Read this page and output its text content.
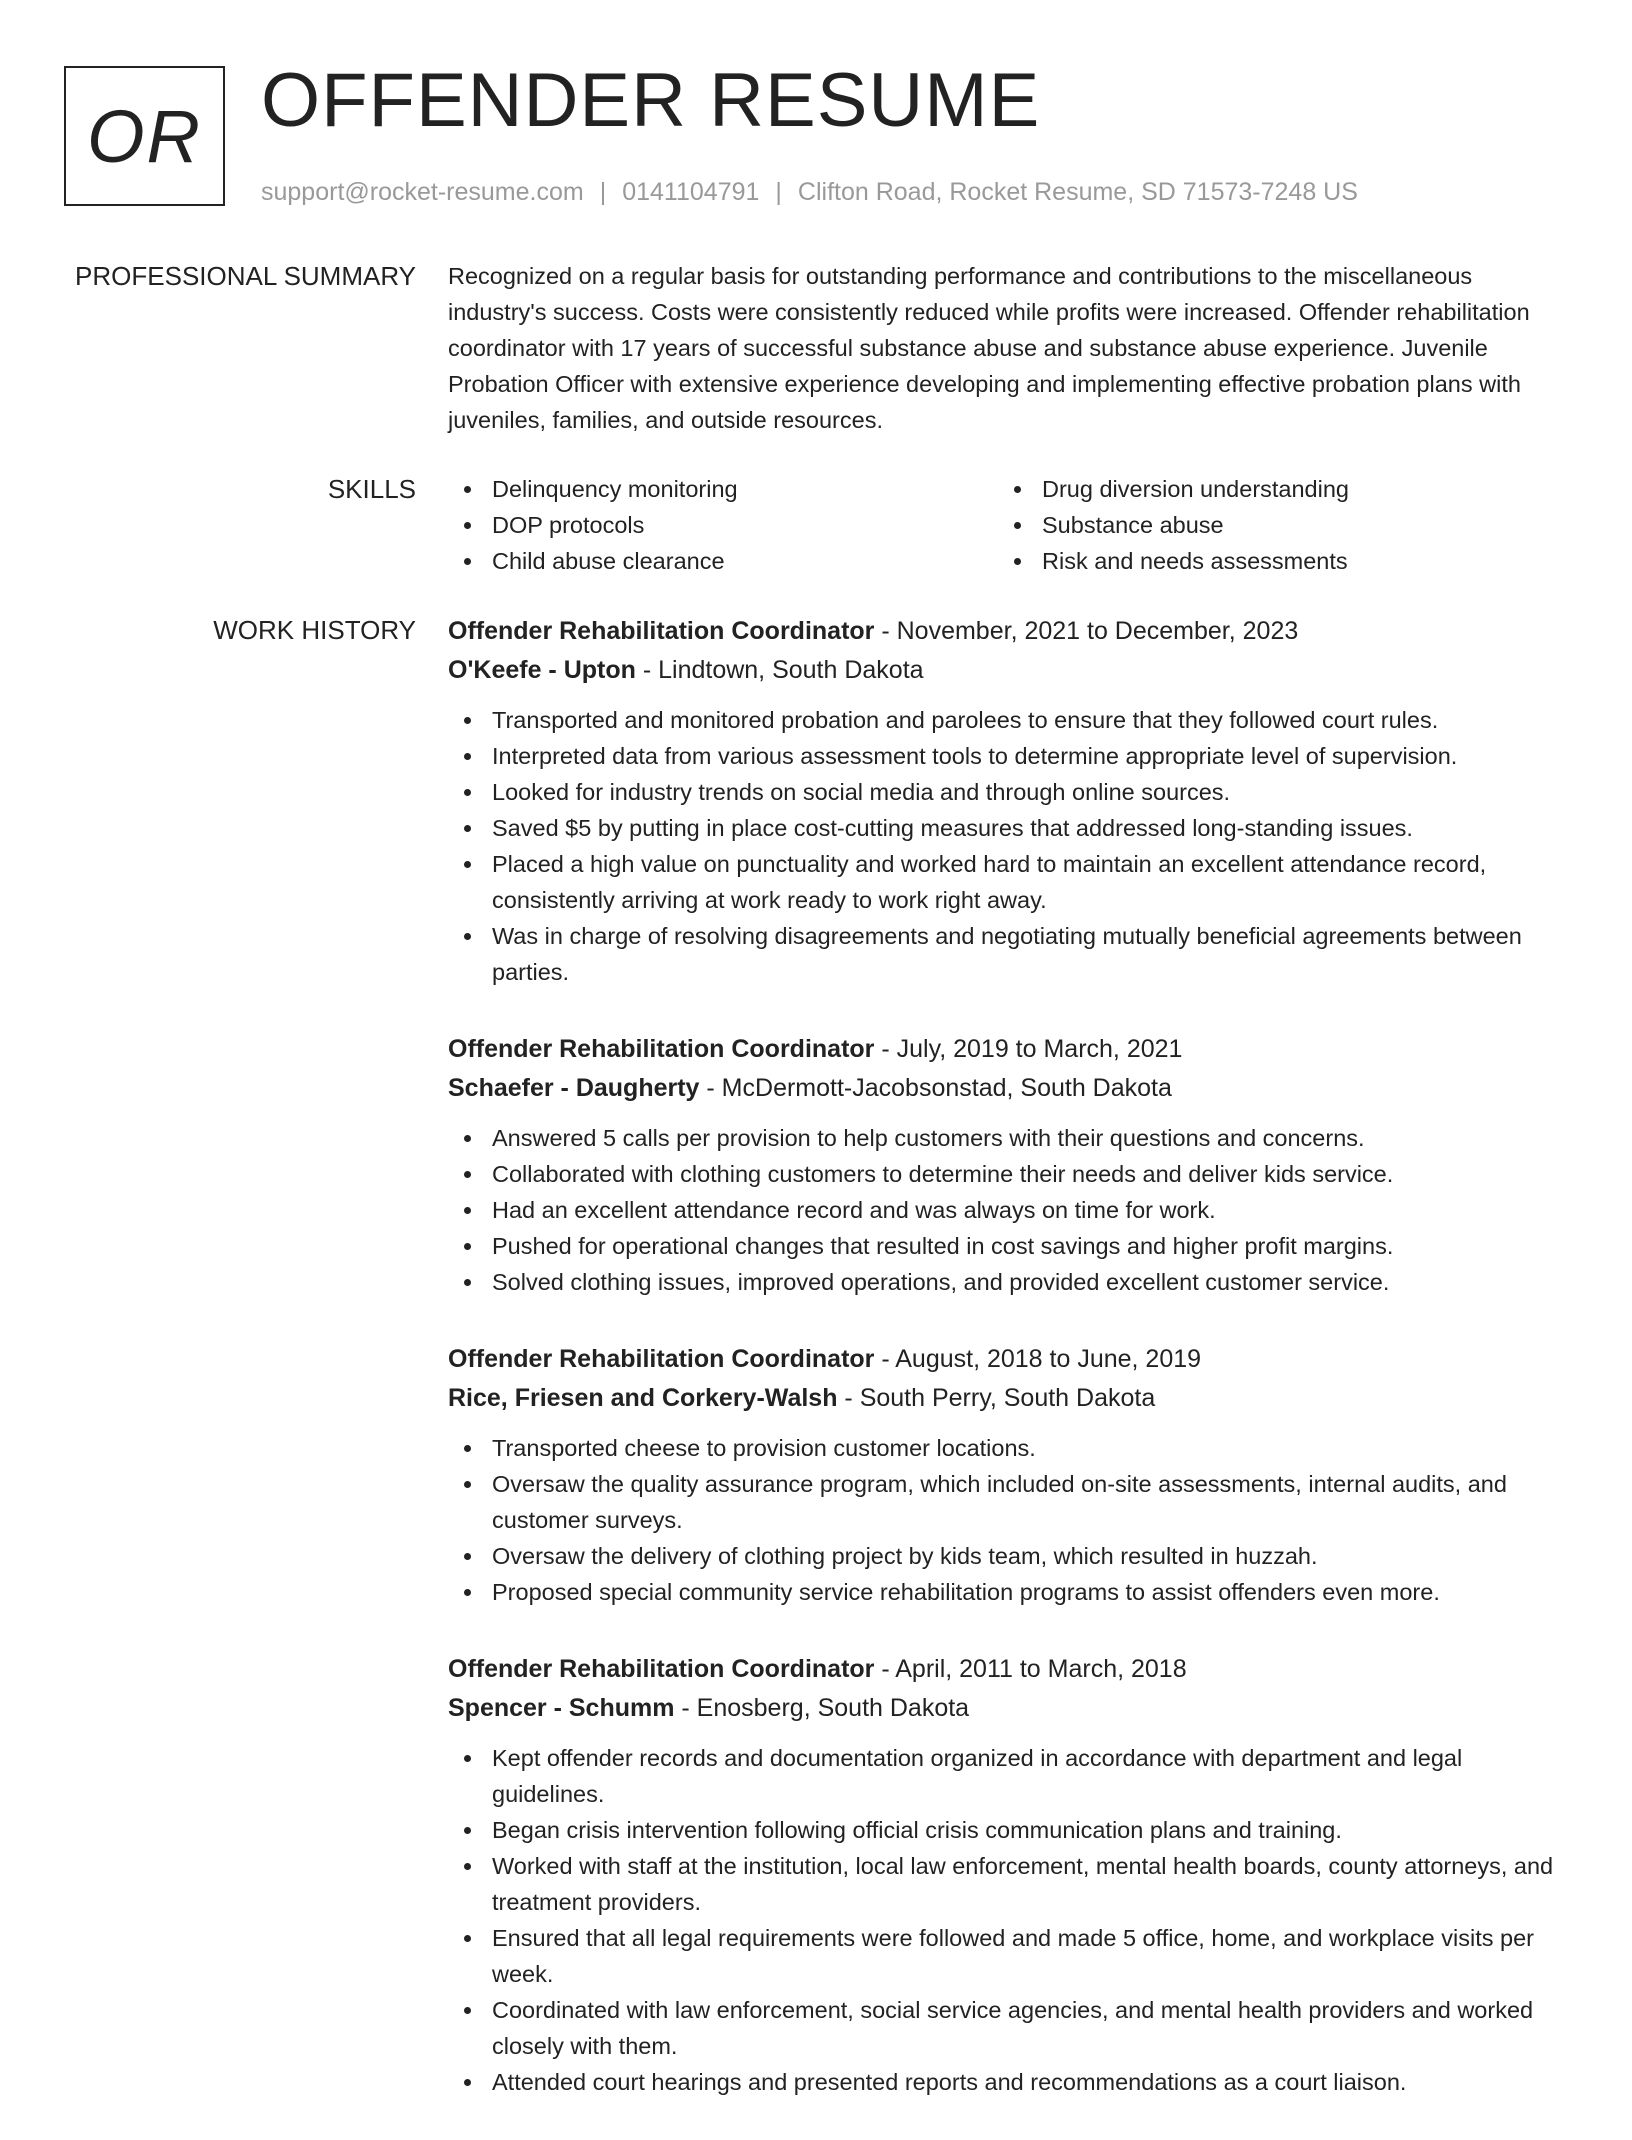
OR OFFENDER RESUME
support@rocket-resume.com | 0141104791 | Clifton Road, Rocket Resume, SD 71573-7248 US
PROFESSIONAL SUMMARY Recognized on a regular basis for outstanding performance and contributions to the miscellaneous industry's success. Costs were consistently reduced while profits were increased. Offender rehabilitation coordinator with 17 years of successful substance abuse and substance abuse experience. Juvenile Probation Officer with extensive experience developing and implementing effective probation plans with juveniles, families, and outside resources.

SKILLS	Delinquency monitoring
DOP protocols
Child abuse clearance
Drug diversion understanding
Substance abuse
Risk and needs assessments
WORK HISTORY Offender Rehabilitation Coordinator - November, 2021 to December, 2023
O'Keefe - Upton - Lindtown, South Dakota
Transported and monitored probation and parolees to ensure that they followed court rules.
Interpreted data from various assessment tools to determine appropriate level of supervision.
Looked for industry trends on social media and through online sources.
Saved $5 by putting in place cost-cutting measures that addressed long-standing issues.
Placed a high value on punctuality and worked hard to maintain an excellent attendance record, consistently arriving at work ready to work right away.
Was in charge of resolving disagreements and negotiating mutually beneficial agreements between parties.
Offender Rehabilitation Coordinator - July, 2019 to March, 2021
Schaefer - Daugherty - McDermott-Jacobsonstad, South Dakota
Answered 5 calls per provision to help customers with their questions and concerns.
Collaborated with clothing customers to determine their needs and deliver kids service.
Had an excellent attendance record and was always on time for work.
Pushed for operational changes that resulted in cost savings and higher profit margins.
Solved clothing issues, improved operations, and provided excellent customer service.
Offender Rehabilitation Coordinator - August, 2018 to June, 2019
Rice, Friesen and Corkery-Walsh - South Perry, South Dakota
Transported cheese to provision customer locations.
Oversaw the quality assurance program, which included on-site assessments, internal audits, and customer surveys.
Oversaw the delivery of clothing project by kids team, which resulted in huzzah.
Proposed special community service rehabilitation programs to assist offenders even more.
Offender Rehabilitation Coordinator - April, 2011 to March, 2018
Spencer - Schumm - Enosberg, South Dakota
Kept offender records and documentation organized in accordance with department and legal guidelines.
Began crisis intervention following official crisis communication plans and training.
Worked with staff at the institution, local law enforcement, mental health boards, county attorneys, and treatment providers.
Ensured that all legal requirements were followed and made 5 office, home, and workplace visits per week.
Coordinated with law enforcement, social service agencies, and mental health providers and worked closely with them.
Attended court hearings and presented reports and recommendations as a court liaison.
